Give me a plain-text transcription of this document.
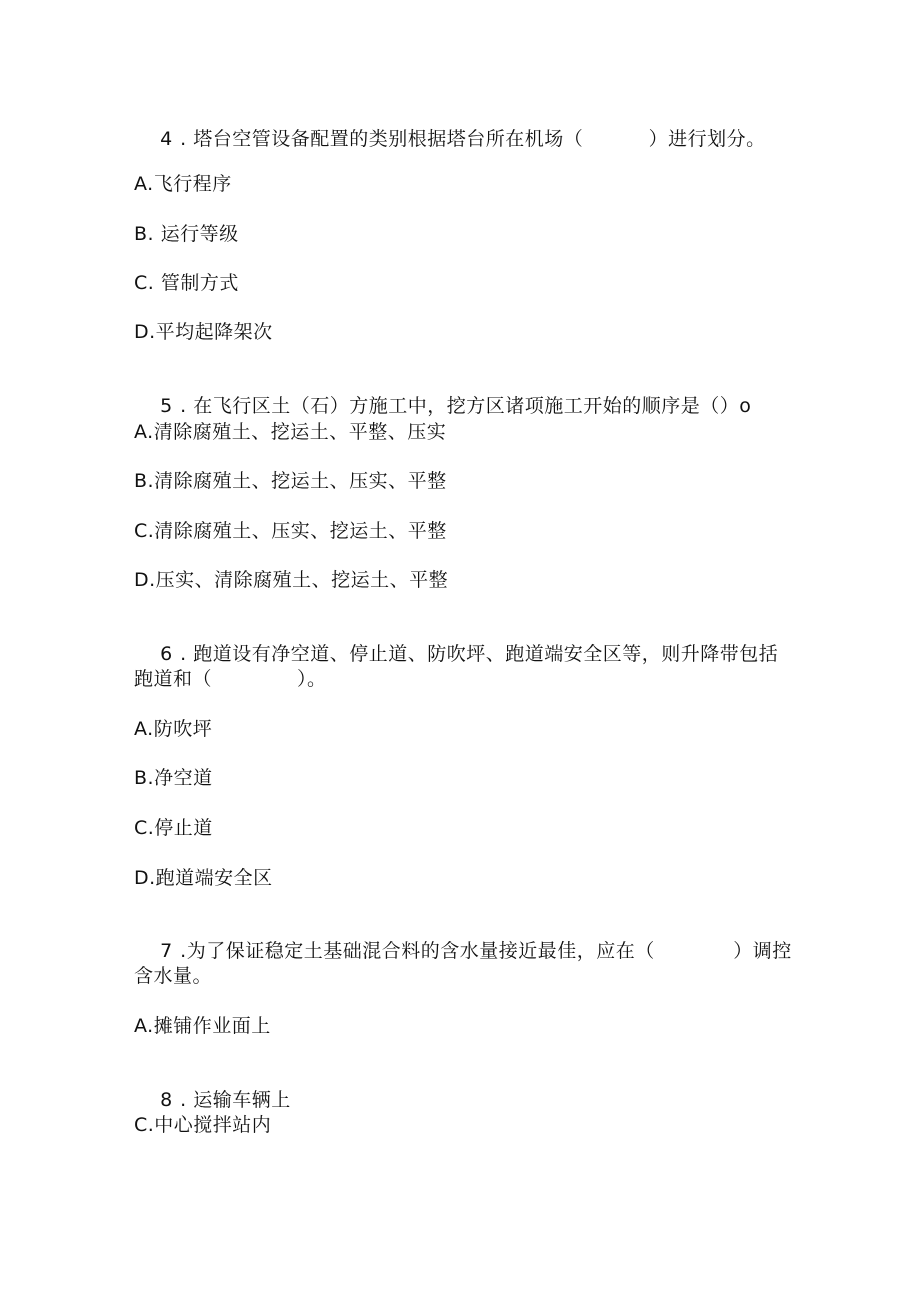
4 . 塔台空管设备配置的类别根据塔台所在机场（          ）进行划分。

A.飞行程序
B. 运行等级
C. 管制方式
D.平均起降架次

5 . 在飞行区土（石）方施工中，挖方区诸项施工开始的顺序是（）o

A.清除腐殖土、挖运土、平整、压实
B.清除腐殖土、挖运土、压实、平整
C.清除腐殖土、压实、挖运土、平整
D.压实、清除腐殖土、挖运土、平整

6 . 跑道设有净空道、停止道、防吹坪、跑道端安全区等，则升降带包括

跑道和（             ）。
A.防吹坪
B.净空道
C.停止道
D.跑道端安全区

7 .为了保证稳定土基础混合料的含水量接近最佳，应在（            ）调控

含水量。
A.摊铺作业面上

8 . 运输车辆上

C.中心搅拌站内
